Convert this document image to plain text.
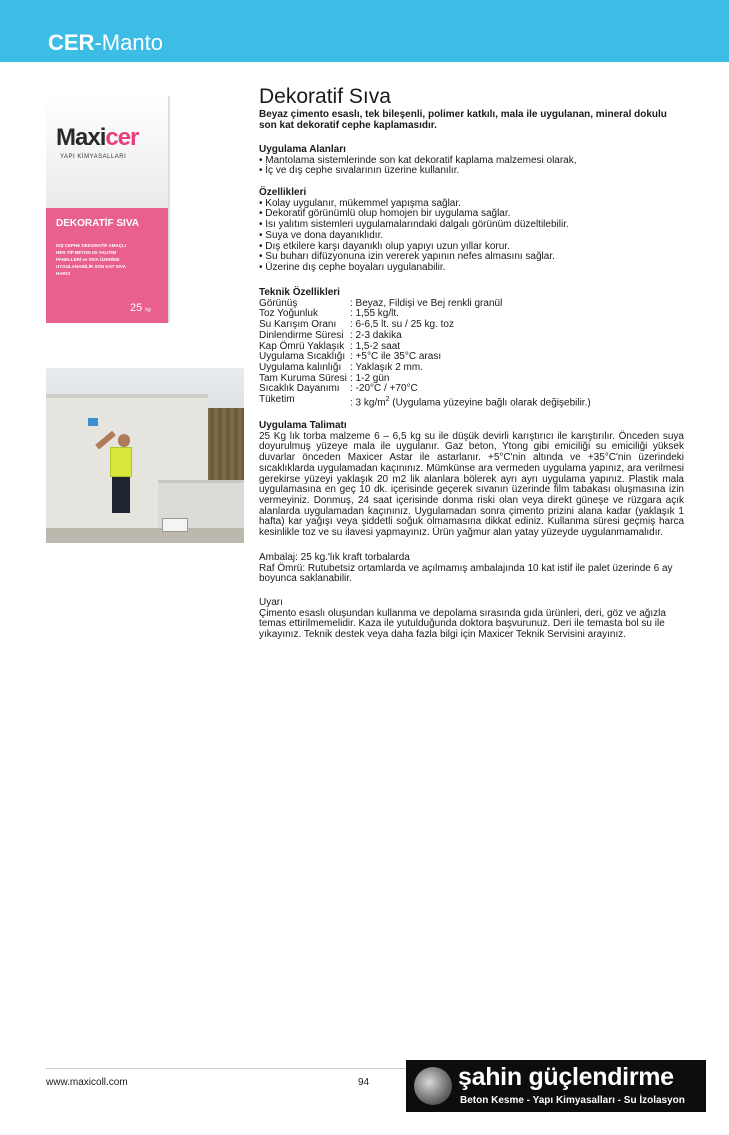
CER-Manto
Maxicer
YAPI KİMYASALLARI
DEKORATİF SIVA
DIŞ CEPHE DEKORATİF AMAÇLI HER TİP BETON ISI YALITIM PANELLERİ ve SIVA ÜZERİNE UYGULANABİLİR SON KAT SIVA HARCI
25 kg
Dekoratif Sıva
Beyaz çimento esaslı, tek bileşenli, polimer katkılı, mala ile uygulanan, mineral dokulu son kat dekoratif cephe kaplamasıdır.
Uygulama Alanları
• Mantolama sistemlerinde son kat dekoratif kaplama malzemesi olarak,
• İç ve dış cephe sıvalarının üzerine kullanılır.
Özellikleri
• Kolay uygulanır, mükemmel yapışma sağlar.
• Dekoratif görünümlü olup homojen bir uygulama sağlar.
• Isı yalıtım sistemleri uygulamalarındaki dalgalı görünüm düzeltilebilir.
• Suya ve dona dayanıklıdır.
• Dış etkilere karşı dayanıklı olup yapıyı uzun yıllar korur.
• Su buharı difüzyonuna izin vererek yapının nefes almasını sağlar.
• Üzerine dış cephe boyaları uygulanabilir.
Teknik Özellikleri
Görünüş	: Beyaz, Fildişi ve Bej renkli granül
Toz Yoğunluk	: 1,55 kg/lt.
Su Karışım Oranı	: 6-6,5 lt. su / 25 kg. toz
Dinlendirme Süresi : 2-3 dakika
Kap Ömrü Yaklaşık : 1,5-2 saat
Uygulama Sıcaklığı : +5°C ile 35°C arası
Uygulama kalınlığı : Yaklaşık 2 mm.
Tam Kuruma Süresi : 1-2 gün
Sıcaklık Dayanımı	: -20°C / +70°C
Tüketim	: 3 $kg/m^2$ (Uygulama yüzeyine bağlı olarak değişebilir.)
Uygulama Talimatı
25 Kg lık torba malzeme 6 – 6,5 kg su ile düşük devirli karıştırıcı ile karıştırılır. Önceden suya doyurulmuş yüzeye mala ile uygulanır. Gaz beton, Ytong gibi emiciliği su emiciliği yüksek duvarlar önceden Maxicer Astar ile astarlanır. +5°C'nin altında ve +35°C'nin üzerindeki sıcaklıklarda uygulamadan kaçınınız. Mümkünse ara vermeden uygulama yapınız, ara verilmesi gerekirse yüzeyi yaklaşık 20 m2 lik alanlara bölerek ayrı ayrı uygulama yapınız. Plastik mala uygulamasına en geç 10 dk. içerisinde geçerek sıvanın üzerinde film tabakası oluşmasına izin vermeyiniz. Donmuş, 24 saat içerisinde donma riski olan veya direkt güneşe ve rüzgara açık alanlarda uygulamadan kaçınınız. Uygulamadan sonra çimento prizini alana kadar (yaklaşık 1 hafta) kar yağışı veya şiddetli soğuk olmamasına dikkat ediniz. Kullanma süresi geçmiş harca kesinlikle toz ve su ilavesi yapmayınız. Ürün yağmur alan yatay yüzeyde uygulanmamalıdır.
Ambalaj: 25 kg.'lık kraft torbalarda
Raf Ömrü: Rutubetsiz ortamlarda ve açılmamış ambalajında 10 kat istif ile palet üzerinde 6 ay boyunca saklanabilir.
Uyarı
Çimento esaslı oluşundan kullanma ve depolama sırasında gıda ürünleri, deri, göz ve ağızla temas ettirilmemelidir. Kaza ile yutulduğunda doktora başvurunuz. Deri ile temasta bol su ile yıkayınız. Teknik destek veya daha fazla bilgi için Maxicer Teknik Servisini arayınız.
www.maxicoll.com	94	şahin güçlendirme
Beton Kesme - Yapı Kimyasalları - Su İzolasyon
